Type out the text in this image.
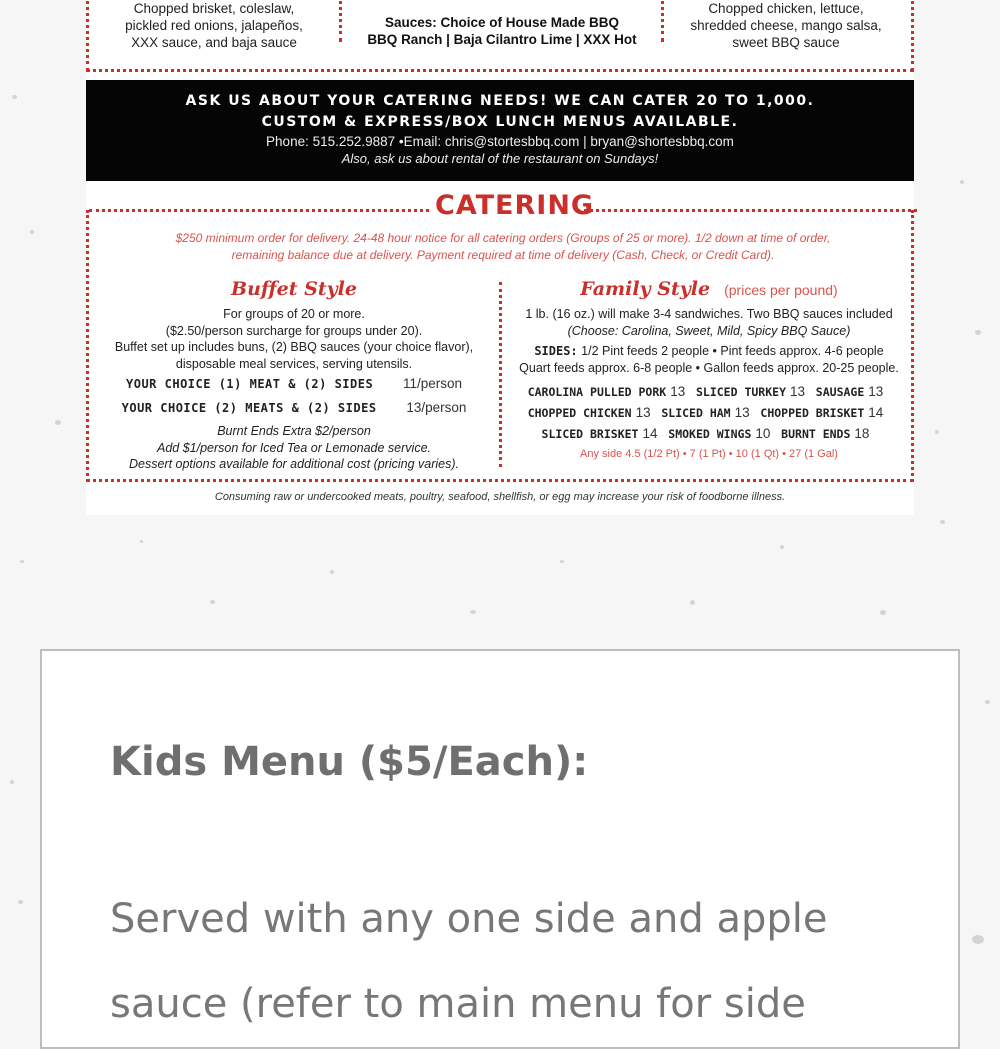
Chopped brisket, coleslaw,
pickled red onions, jalapeños,
XXX sauce, and baja sauce
Sauces: Choice of House Made BBQ
BBQ Ranch | Baja Cilantro Lime | XXX Hot
Chopped chicken, lettuce,
shredded cheese, mango salsa,
sweet BBQ sauce
ASK US ABOUT YOUR CATERING NEEDS! WE CAN CATER 20 TO 1,000.
CUSTOM & EXPRESS/BOX LUNCH MENUS AVAILABLE.
Phone: 515.252.9887 •Email: chris@stortesbbq.com | bryan@shortesbbq.com
Also, ask us about rental of the restaurant on Sundays!
CATERING
$250 minimum order for delivery. 24-48 hour notice for all catering orders (Groups of 25 or more). 1/2 down at time of order,
remaining balance due at delivery. Payment required at time of delivery (Cash, Check, or Credit Card).
Buffet Style
For groups of 20 or more.
($2.50/person surcharge for groups under 20).
Buffet set up includes buns, (2) BBQ sauces (your choice flavor),
disposable meal services, serving utensils.
YOUR CHOICE (1) MEAT & (2) SIDES 11/person
YOUR CHOICE (2) MEATS & (2) SIDES 13/person
Burnt Ends Extra $2/person
Add $1/person for Iced Tea or Lemonade service.
Dessert options available for additional cost (pricing varies).
Family Style (prices per pound)
1 lb. (16 oz.) will make 3-4 sandwiches. Two BBQ sauces included
(Choose: Carolina, Sweet, Mild, Spicy BBQ Sauce)
SIDES: 1/2 Pint feeds 2 people • Pint feeds approx. 4-6 people
Quart feeds approx. 6-8 people • Gallon feeds approx. 20-25 people.
CAROLINA PULLED PORK 13 SLICED TURKEY 13 SAUSAGE 13
CHOPPED CHICKEN 13 SLICED HAM 13 CHOPPED BRISKET 14
SLICED BRISKET 14 SMOKED WINGS 10 BURNT ENDS 18
Any side 4.5 (1/2 Pt) • 7 (1 Pt) • 10 (1 Qt) • 27 (1 Gal)
Consuming raw or undercooked meats, poultry, seafood, shellfish, or egg may increase your risk of foodborne illness.
Kids Menu ($5/Each):

Served with any one side and apple sauce (refer to main menu for side
